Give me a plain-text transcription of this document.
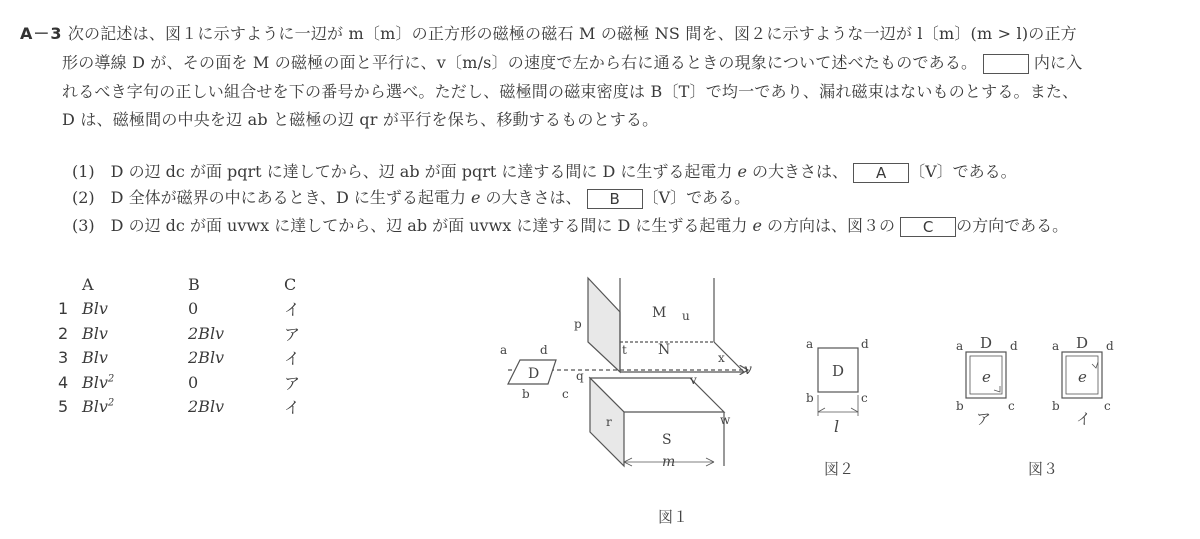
A－3 次の記述は、図１に示すように一辺が m〔m〕の正方形の磁極の磁石 M の磁極 NS 間を、図２に示すような一辺が l〔m〕(m > l)の正方
形の導線 D が、その面を M の磁極の面と平行に、v〔m/s〕の速度で左から右に通るときの現象について述べたものである。	内に入
れるべき字句の正しい組合せを下の番号から選べ。ただし、磁極間の磁束密度は B〔T〕で均一であり、漏れ磁束はないものとする。また、
D は、磁極間の中央を辺 ab と磁極の辺 qr が平行を保ち、移動するものとする。
(1)　D の辺 dc が面 pqrt に達してから、辺 ab が面 pqrt に達する間に D に生ずる起電力 e の大きさは、 A 〔V〕である。
(2)　D 全体が磁界の中にあるとき、D に生ずる起電力 e の大きさは、 B 〔V〕である。
(3)　D の辺 dc が面 uvwx に達してから、辺 ab が面 uvwx に達する間に D に生ずる起電力 e の方向は、図３の C の方向である。
	A	B	C
1	Blv	0	イ
2	Blv	2Blv	ア
3	Blv	2Blv	イ
4	Blv$^2$	0	ア
5	Blv$^2$	2Blv	イ
M
N
S
D
p
q
r
t
u
v
w
x
a
b	c
d
v
m
図１
D
a
b	c
d
l
図２
D
e
a
b	c
d
ア
D
e
a
b	c
d
イ
図３
